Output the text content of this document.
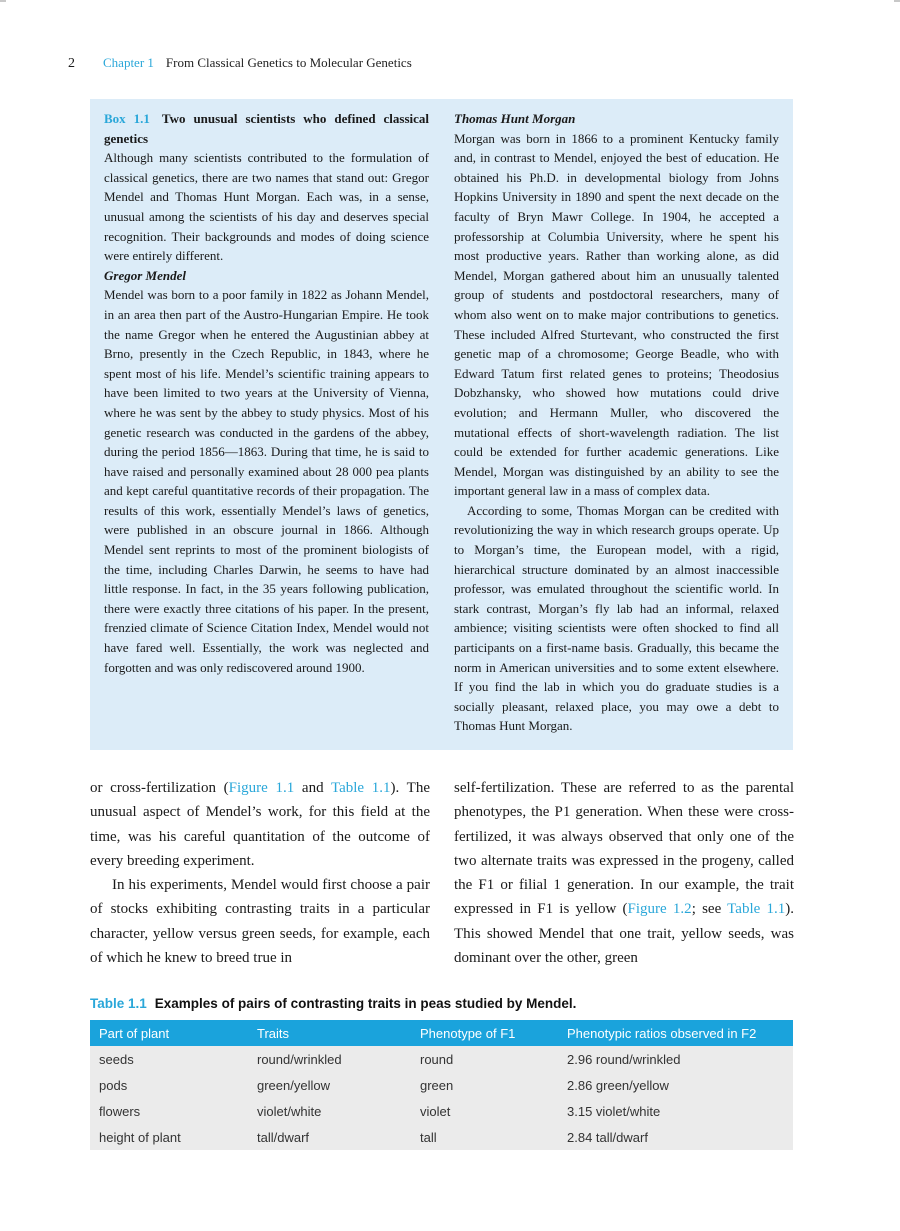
2 Chapter 1 From Classical Genetics to Molecular Genetics

Box 1.1 Two unusual scientists who defined classical genetics

Although many scientists contributed to the formulation of classical genetics, there are two names that stand out: Gregor Mendel and Thomas Hunt Morgan. Each was, in a sense, unusual among the scientists of his day and deserves special recognition. Their backgrounds and modes of doing science were entirely different.

Gregor Mendel

Mendel was born to a poor family in 1822 as Johann Mendel, in an area then part of the Austro-Hungarian Empire. He took the name Gregor when he entered the Augustinian abbey at Brno, presently in the Czech Republic, in 1843, where he spent most of his life. Mendel’s scientific training appears to have been limited to two years at the University of Vienna, where he was sent by the abbey to study physics. Most of his genetic research was conducted in the gardens of the abbey, during the period 1856—1863. During that time, he is said to have raised and personally examined about 28 000 pea plants and kept careful quantitative records of their propagation. The results of this work, essentially Mendel’s laws of genetics, were published in an obscure journal in 1866. Although Mendel sent reprints to most of the prominent biologists of the time, including Charles Darwin, he seems to have had little response. In fact, in the 35 years following publication, there were exactly three citations of his paper. In the present, frenzied climate of Science Citation Index, Mendel would not have fared well. Essentially, the work was neglected and forgotten and was only rediscovered around 1900.

Thomas Hunt Morgan

Morgan was born in 1866 to a prominent Kentucky family and, in contrast to Mendel, enjoyed the best of education. He obtained his Ph.D. in developmental biology from Johns Hopkins University in 1890 and spent the next decade on the faculty of Bryn Mawr College. In 1904, he accepted a professorship at Columbia University, where he spent his most productive years. Rather than working alone, as did Mendel, Morgan gathered about him an unusually talented group of students and postdoctoral researchers, many of whom also went on to make major contributions to genetics. These included Alfred Sturtevant, who constructed the first genetic map of a chromosome; George Beadle, who with Edward Tatum first related genes to proteins; Theodosius Dobzhansky, who showed how mutations could drive evolution; and Hermann Muller, who discovered the mutational effects of short-wavelength radiation. The list could be extended for further academic generations. Like Mendel, Morgan was distinguished by an ability to see the important general law in a mass of complex data.

According to some, Thomas Morgan can be credited with revolutionizing the way in which research groups operate. Up to Morgan’s time, the European model, with a rigid, hierarchical structure dominated by an almost inaccessible professor, was emulated throughout the scientific world. In stark contrast, Morgan’s fly lab had an informal, relaxed ambience; visiting scientists were often shocked to find all participants on a first-name basis. Gradually, this became the norm in American universities and to some extent elsewhere. If you find the lab in which you do graduate studies is a socially pleasant, relaxed place, you may owe a debt to Thomas Hunt Morgan.

or cross-fertilization (Figure 1.1 and Table 1.1). The unusual aspect of Mendel’s work, for this field at the time, was his careful quantitation of the outcome of every breeding experiment.

In his experiments, Mendel would first choose a pair of stocks exhibiting contrasting traits in a particular character, yellow versus green seeds, for example, each of which he knew to breed true in

self-fertilization. These are referred to as the parental phenotypes, the P1 generation. When these were cross-fertilized, it was always observed that only one of the two alternate traits was expressed in the progeny, called the F1 or filial 1 generation. In our example, the trait expressed in F1 is yellow (Figure 1.2; see Table 1.1). This showed Mendel that one trait, yellow seeds, was dominant over the other, green

Table 1.1 Examples of pairs of contrasting traits in peas studied by Mendel.
Part of plant	Traits	Phenotype of F1	Phenotypic ratios observed in F2
seeds	round/wrinkled	round	2.96 round/wrinkled
pods	green/yellow	green	2.86 green/yellow
flowers	violet/white	violet	3.15 violet/white
height of plant	tall/dwarf	tall	2.84 tall/dwarf
